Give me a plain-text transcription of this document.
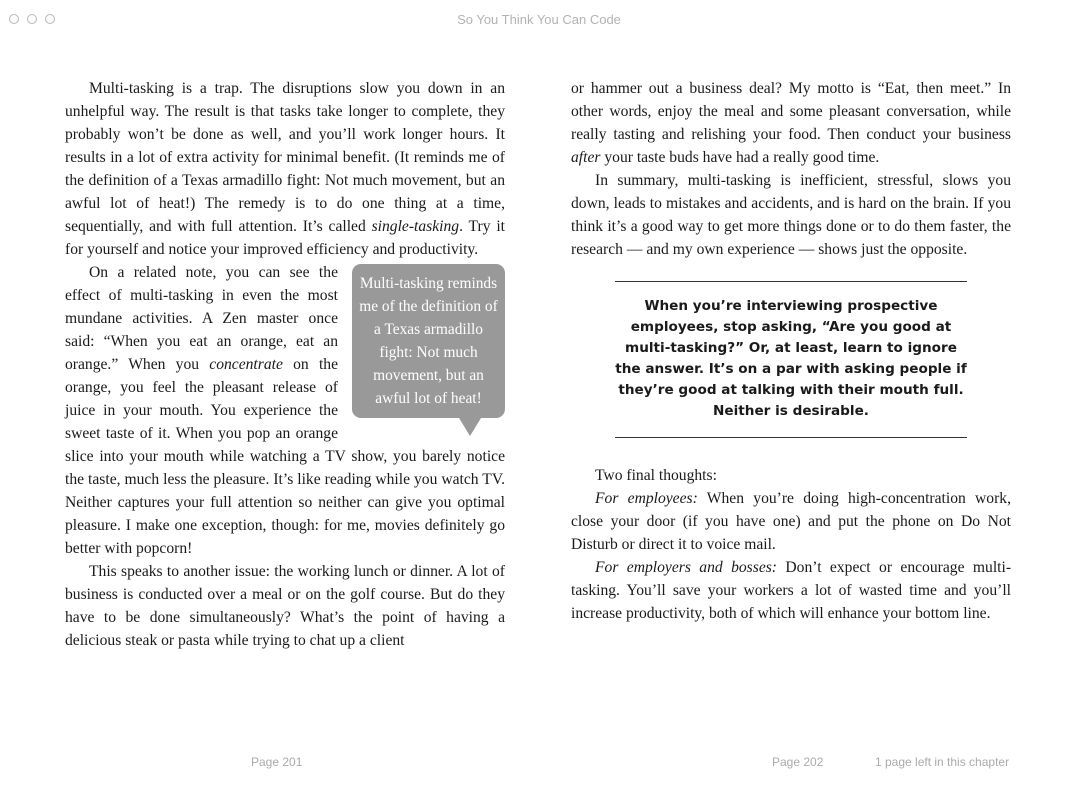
So You Think You Can Code

Multi-tasking is a trap. The disruptions slow you down in an unhelpful way. The result is that tasks take longer to complete, they probably won’t be done as well, and you’ll work longer hours. It results in a lot of extra activity for minimal benefit. (It reminds me of the definition of a Texas armadillo fight: Not much movement, but an awful lot of heat!) The remedy is to do one thing at a time, sequentially, and with full attention. It’s called single-tasking. Try it for yourself and notice your improved efficiency and productivity.

Multi-tasking reminds me of the definition of a Texas armadillo fight: Not much movement, but an awful lot of heat!
On a related note, you can see the effect of multi-tasking in even the most mundane activities. A Zen master once said: “When you eat an orange, eat an orange.” When you concentrate on the orange, you feel the pleasant release of juice in your mouth. You experience the sweet taste of it. When you pop an orange slice into your mouth while watching a TV show, you barely notice the taste, much less the pleasure. It’s like reading while you watch TV. Neither captures your full attention so neither can give you optimal pleasure. I make one exception, though: for me, movies definitely go better with popcorn!

This speaks to another issue: the working lunch or dinner. A lot of business is conducted over a meal or on the golf course. But do they have to be done simultaneously? What’s the point of having a delicious steak or pasta while trying to chat up a client

or hammer out a business deal? My motto is “Eat, then meet.” In other words, enjoy the meal and some pleasant conversation, while really tasting and relishing your food. Then conduct your business after your taste buds have had a really good time.

In summary, multi-tasking is inefficient, stressful, slows you down, leads to mistakes and accidents, and is hard on the brain. If you think it’s a good way to get more things done or to do them faster, the research — and my own experience — shows just the opposite.

When you’re interviewing prospective employees, stop asking, “Are you good at multi-tasking?” Or, at least, learn to ignore the answer. It’s on a par with asking people if they’re good at talking with their mouth full. Neither is desirable.

Two final thoughts:

For employees: When you’re doing high-concentration work, close your door (if you have one) and put the phone on Do Not Disturb or direct it to voice mail.

For employers and bosses: Don’t expect or encourage multi-tasking. You’ll save your workers a lot of wasted time and you’ll increase productivity, both of which will enhance your bottom line.

Page 201	Page 202	1 page left in this chapter
